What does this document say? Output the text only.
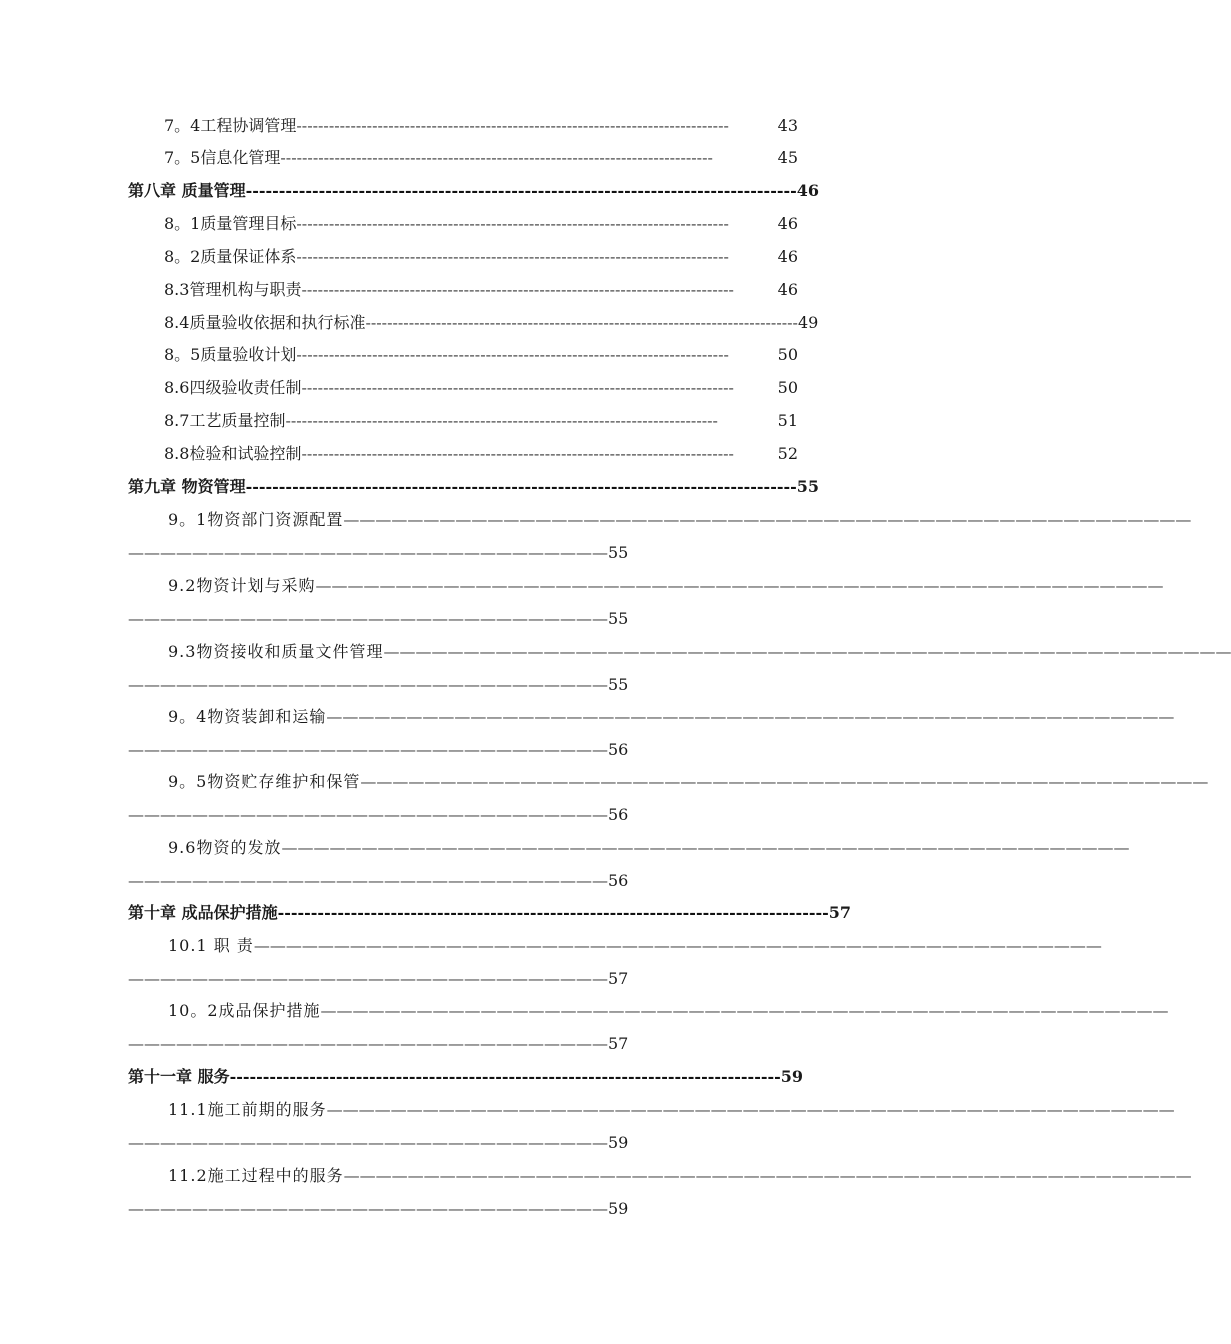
7。4工程协调管理 --------------------------------------------------------------------------------	43
7。5信息化管理 --------------------------------------------------------------------------------	45
第八章 质量管理 ----------------------------------------------------------------------------------- 46
8。1质量管理目标 --------------------------------------------------------------------------------	46
8。2质量保证体系 --------------------------------------------------------------------------------	46
8.3管理机构与职责 --------------------------------------------------------------------------------	46
8.4质量验收依据和执行标准 -------------------------------------------------------------------------------- 49
8。5质量验收计划 --------------------------------------------------------------------------------	50
8.6四级验收责任制 --------------------------------------------------------------------------------	50
8.7工艺质量控制 --------------------------------------------------------------------------------	51
8.8检验和试验控制 --------------------------------------------------------------------------------	52
第九章 物资管理 ----------------------------------------------------------------------------------- 55
9。1物资部门资源配置 —————————————————————————————————————————————————————
—————————————————————————————— 55
9.2物资计划与采购 —————————————————————————————————————————————————————
—————————————————————————————— 55
9.3物资接收和质量文件管理 —————————————————————————————————————————————————————
—————————————————————————————— 55
9。4物资装卸和运输 —————————————————————————————————————————————————————
—————————————————————————————— 56
9。5物资贮存维护和保管 —————————————————————————————————————————————————————
—————————————————————————————— 56
9.6物资的发放 —————————————————————————————————————————————————————
—————————————————————————————— 56
第十章 成品保护措施 ----------------------------------------------------------------------------------- 57
10.1 职 责 —————————————————————————————————————————————————————
—————————————————————————————— 57
10。2成品保护措施 —————————————————————————————————————————————————————
—————————————————————————————— 57
第十一章 服务 ----------------------------------------------------------------------------------- 59
11.1施工前期的服务 —————————————————————————————————————————————————————
—————————————————————————————— 59
11.2施工过程中的服务 —————————————————————————————————————————————————————
—————————————————————————————— 59
